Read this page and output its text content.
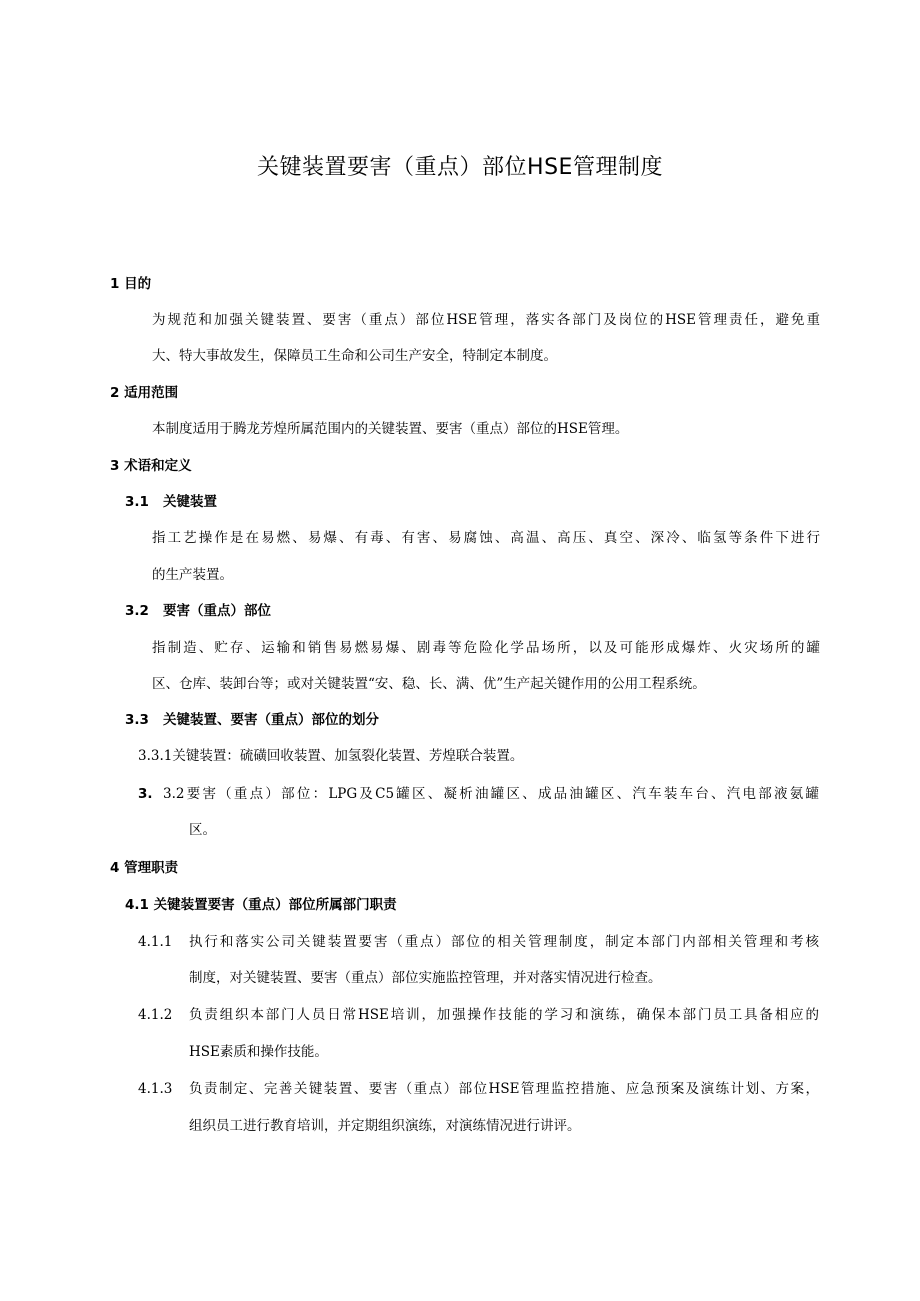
关键装置要害（重点）部位HSE管理制度
1 目的
为规范和加强关键装置、要害（重点）部位HSE管理，落实各部门及岗位的HSE管理责任，避免重
大、特大事故发生，保障员工生命和公司生产安全，特制定本制度。
2 适用范围
本制度适用于腾龙芳煌所属范围内的关键装置、要害（重点）部位的HSE管理。
3 术语和定义
3.1 关键装置
指工艺操作是在易燃、易爆、有毒、有害、易腐蚀、高温、高压、真空、深冷、临氢等条件下进行
的生产装置。
3.2 要害（重点）部位
指制造、贮存、运输和销售易燃易爆、剧毒等危险化学品场所，以及可能形成爆炸、火灾场所的罐
区、仓库、装卸台等；或对关键装置“安、稳、长、满、优”生产起关键作用的公用工程系统。
3.3 关键装置、要害（重点）部位的划分
3.3.1关键装置：硫磺回收装置、加氢裂化装置、芳煌联合装置。
3. 3.2要害（重点）部位：LPG及C5罐区、凝析油罐区、成品油罐区、汽车装车台、汽电部液氨罐
区。
4 管理职责
4.1 关键装置要害（重点）部位所属部门职责
4.1.1 执行和落实公司关键装置要害（重点）部位的相关管理制度，制定本部门内部相关管理和考核
制度，对关键装置、要害（重点）部位实施监控管理，并对落实情况进行检查。
4.1.2 负责组织本部门人员日常HSE培训，加强操作技能的学习和演练，确保本部门员工具备相应的
HSE素质和操作技能。
4.1.3 负责制定、完善关键装置、要害（重点）部位HSE管理监控措施、应急预案及演练计划、方案，
组织员工进行教育培训，并定期组织演练，对演练情况进行讲评。
